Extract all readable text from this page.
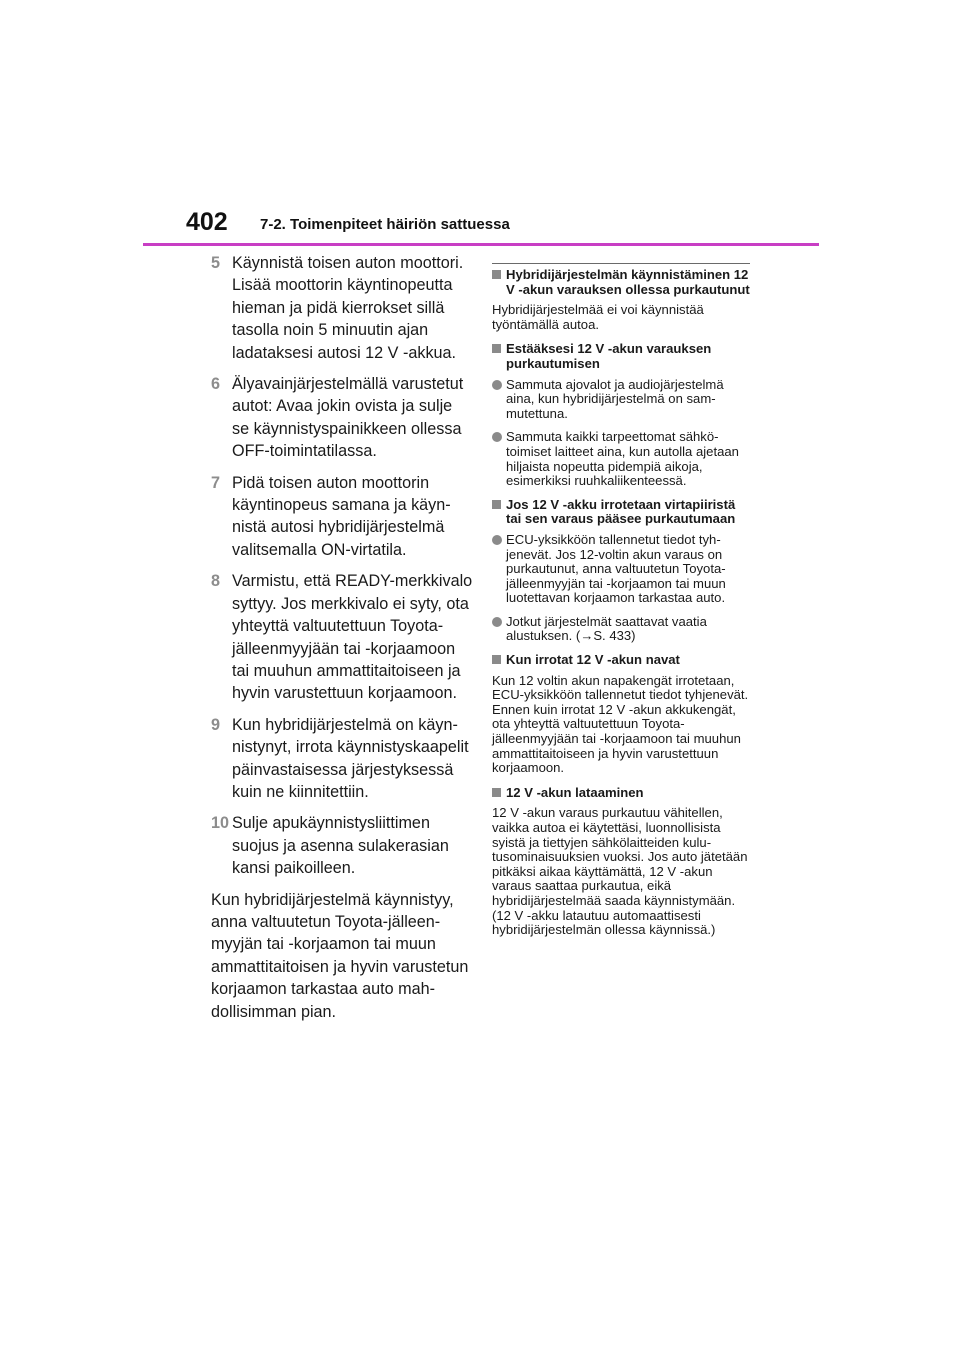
402 7-2. Toimenpiteet häiriön sattuessa
5 Käynnistä toisen auton moottori. Lisää moottorin käyntinopeutta hieman ja pidä kierrokset sillä tasolla noin 5 minuutin ajan ladataksesi autosi 12 V -akkua.
6 Älyavainjärjestelmällä varustetut autot: Avaa jokin ovista ja sulje se käynnistyspainikkeen ollessa OFF-toimintatilassa.
7 Pidä toisen auton moottorin käyntinopeus samana ja käynnistä autosi hybridijärjestelmä valitsemalla ON-virtatila.
8 Varmistu, että READY-merkkivalo syttyy. Jos merkkivalo ei syty, ota yhteyttä valtuutettuun Toyota-jälleenmyyjään tai -korjaamoon tai muuhun ammattitaitoiseen ja hyvin varustettuun korjaamoon.
9 Kun hybridijärjestelmä on käynnistynyt, irrota käynnistyskaapelit päinvastaisessa järjestyksessä kuin ne kiinnitettiin.
10 Sulje apukäynnistysliittimen suojus ja asenna sulakerasian kansi paikoilleen.

Kun hybridijärjestelmä käynnistyy, anna valtuutetun Toyota-jälleenmyyjän tai -korjaamon tai muun ammattitaitoisen ja hyvin varustetun korjaamon tarkastaa auto mahdollisimman pian.

Hybridijärjestelmän käynnistäminen 12 V -akun varauksen ollessa purkautunut

Hybridijärjestelmää ei voi käynnistää työntämällä autoa.

Estääksesi 12 V -akun varauksen purkautumisen
Sammuta ajovalot ja audiojärjestelmä aina, kun hybridijärjestelmä on sammutettuna.
Sammuta kaikki tarpeettomat sähkötoimiset laitteet aina, kun autolla ajetaan hiljaista nopeutta pidempiä aikoja, esimerkiksi ruuhkaliikenteessä.
Jos 12 V -akku irrotetaan virtapiiristä tai sen varaus pääsee purkautumaan
ECU-yksikköön tallennetut tiedot tyhjenevät. Jos 12-voltin akun varaus on purkautunut, anna valtuutetun Toyota-jälleenmyyjän tai -korjaamon tai muun luotettavan korjaamon tarkastaa auto.
Jotkut järjestelmät saattavat vaatia alustuksen. (→S. 433)
Kun irrotat 12 V -akun navat

Kun 12 voltin akun napakengät irrotetaan, ECU-yksikköön tallennetut tiedot tyhjenevät. Ennen kuin irrotat 12 V -akun akkukengät, ota yhteyttä valtuutettuun Toyota-jälleenmyyjään tai -korjaamoon tai muuhun ammattitaitoiseen ja hyvin varustettuun korjaamoon.

12 V -akun lataaminen

12 V -akun varaus purkautuu vähitellen, vaikka autoa ei käytettäsi, luonnollisista syistä ja tiettyjen sähkölaitteiden kulutusominaisuuksien vuoksi. Jos auto jätetään pitkäksi aikaa käyttämättä, 12 V -akun varaus saattaa purkautua, eikä hybridijärjestelmää saada käynnistymään. (12 V -akku latautuu automaattisesti hybridijärjestelmän ollessa käynnissä.)
